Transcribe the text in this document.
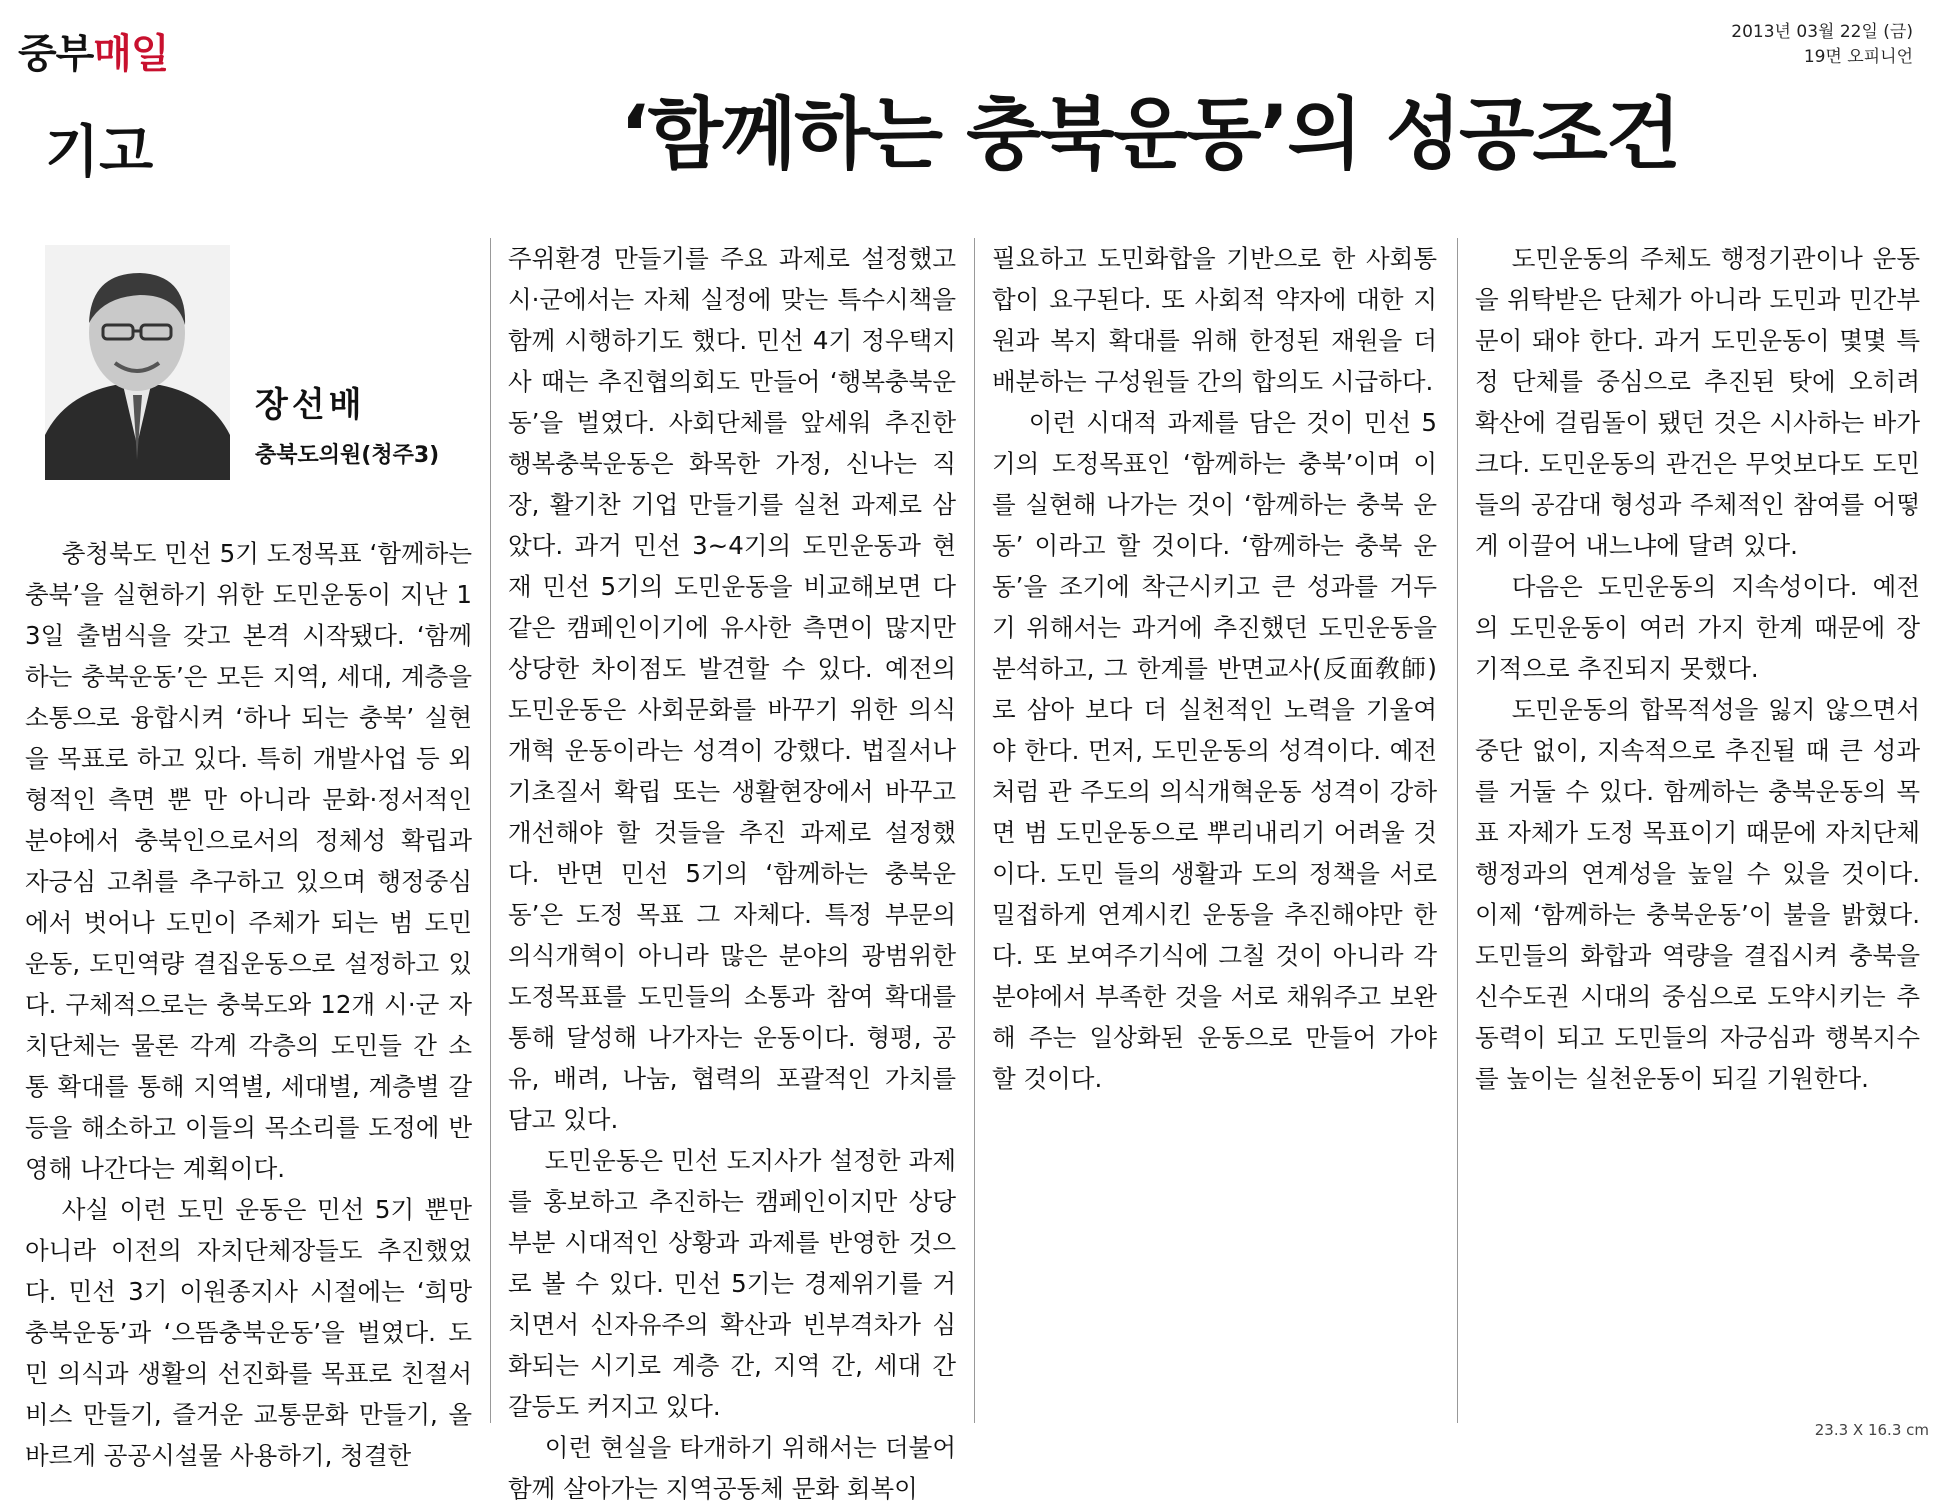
중부매일	2013년 03월 22일 (금)
19면 오피니언
기고	‘함께하는 충북운동’의 성공조건
장선배
충북도의원(청주3)

충청북도 민선 5기 도정목표 ‘함께하는 충북’을 실현하기 위한 도민운동이 지난 13일 출범식을 갖고 본격 시작됐다. ‘함께하는 충북운동’은 모든 지역, 세대, 계층을 소통으로 융합시켜 ‘하나 되는 충북’ 실현을 목표로 하고 있다. 특히 개발사업 등 외형적인 측면 뿐 만 아니라 문화·정서적인 분야에서 충북인으로서의 정체성 확립과 자긍심 고취를 추구하고 있으며 행정중심에서 벗어나 도민이 주체가 되는 범 도민 운동, 도민역량 결집운동으로 설정하고 있다. 구체적으로는 충북도와 12개 시·군 자치단체는 물론 각계 각층의 도민들 간 소통 확대를 통해 지역별, 세대별, 계층별 갈등을 해소하고 이들의 목소리를 도정에 반영해 나간다는 계획이다.

사실 이런 도민 운동은 민선 5기 뿐만 아니라 이전의 자치단체장들도 추진했었다. 민선 3기 이원종지사 시절에는 ‘희망충북운동’과 ‘으뜸충북운동’을 벌였다. 도민 의식과 생활의 선진화를 목표로 친절서비스 만들기, 즐거운 교통문화 만들기, 올바르게 공공시설물 사용하기, 청결한

주위환경 만들기를 주요 과제로 설정했고 시·군에서는 자체 실정에 맞는 특수시책을 함께 시행하기도 했다. 민선 4기 정우택지사 때는 추진협의회도 만들어 ‘행복충북운동’을 벌였다. 사회단체를 앞세워 추진한 행복충북운동은 화목한 가정, 신나는 직장, 활기찬 기업 만들기를 실천 과제로 삼았다. 과거 민선 3~4기의 도민운동과 현재 민선 5기의 도민운동을 비교해보면 다 같은 캠페인이기에 유사한 측면이 많지만 상당한 차이점도 발견할 수 있다. 예전의 도민운동은 사회문화를 바꾸기 위한 의식개혁 운동이라는 성격이 강했다. 법질서나 기초질서 확립 또는 생활현장에서 바꾸고 개선해야 할 것들을 추진 과제로 설정했다. 반면 민선 5기의 ‘함께하는 충북운동’은 도정 목표 그 자체다. 특정 부문의 의식개혁이 아니라 많은 분야의 광범위한 도정목표를 도민들의 소통과 참여 확대를 통해 달성해 나가자는 운동이다. 형평, 공유, 배려, 나눔, 협력의 포괄적인 가치를 담고 있다.

도민운동은 민선 도지사가 설정한 과제를 홍보하고 추진하는 캠페인이지만 상당부분 시대적인 상황과 과제를 반영한 것으로 볼 수 있다. 민선 5기는 경제위기를 거치면서 신자유주의 확산과 빈부격차가 심화되는 시기로 계층 간, 지역 간, 세대 간 갈등도 커지고 있다.

이런 현실을 타개하기 위해서는 더불어 함께 살아가는 지역공동체 문화 회복이

필요하고 도민화합을 기반으로 한 사회통합이 요구된다. 또 사회적 약자에 대한 지원과 복지 확대를 위해 한정된 재원을 더 배분하는 구성원들 간의 합의도 시급하다.

이런 시대적 과제를 담은 것이 민선 5기의 도정목표인 ‘함께하는 충북’이며 이를 실현해 나가는 것이 ‘함께하는 충북 운동’ 이라고 할 것이다. ‘함께하는 충북 운동’을 조기에 착근시키고 큰 성과를 거두기 위해서는 과거에 추진했던 도민운동을 분석하고, 그 한계를 반면교사(反面敎師)로 삼아 보다 더 실천적인 노력을 기울여야 한다. 먼저, 도민운동의 성격이다. 예전처럼 관 주도의 의식개혁운동 성격이 강하면 범 도민운동으로 뿌리내리기 어려울 것이다. 도민 들의 생활과 도의 정책을 서로 밀접하게 연계시킨 운동을 추진해야만 한다. 또 보여주기식에 그칠 것이 아니라 각 분야에서 부족한 것을 서로 채워주고 보완해 주는 일상화된 운동으로 만들어 가야 할 것이다.

도민운동의 주체도 행정기관이나 운동을 위탁받은 단체가 아니라 도민과 민간부문이 돼야 한다. 과거 도민운동이 몇몇 특정 단체를 중심으로 추진된 탓에 오히려 확산에 걸림돌이 됐던 것은 시사하는 바가 크다. 도민운동의 관건은 무엇보다도 도민들의 공감대 형성과 주체적인 참여를 어떻게 이끌어 내느냐에 달려 있다.

다음은 도민운동의 지속성이다. 예전의 도민운동이 여러 가지 한계 때문에 장기적으로 추진되지 못했다.

도민운동의 합목적성을 잃지 않으면서 중단 없이, 지속적으로 추진될 때 큰 성과를 거둘 수 있다. 함께하는 충북운동의 목표 자체가 도정 목표이기 때문에 자치단체 행정과의 연계성을 높일 수 있을 것이다. 이제 ‘함께하는 충북운동’이 불을 밝혔다. 도민들의 화합과 역량을 결집시켜 충북을 신수도권 시대의 중심으로 도약시키는 추동력이 되고 도민들의 자긍심과 행복지수를 높이는 실천운동이 되길 기원한다.

23.3 X 16.3 cm
